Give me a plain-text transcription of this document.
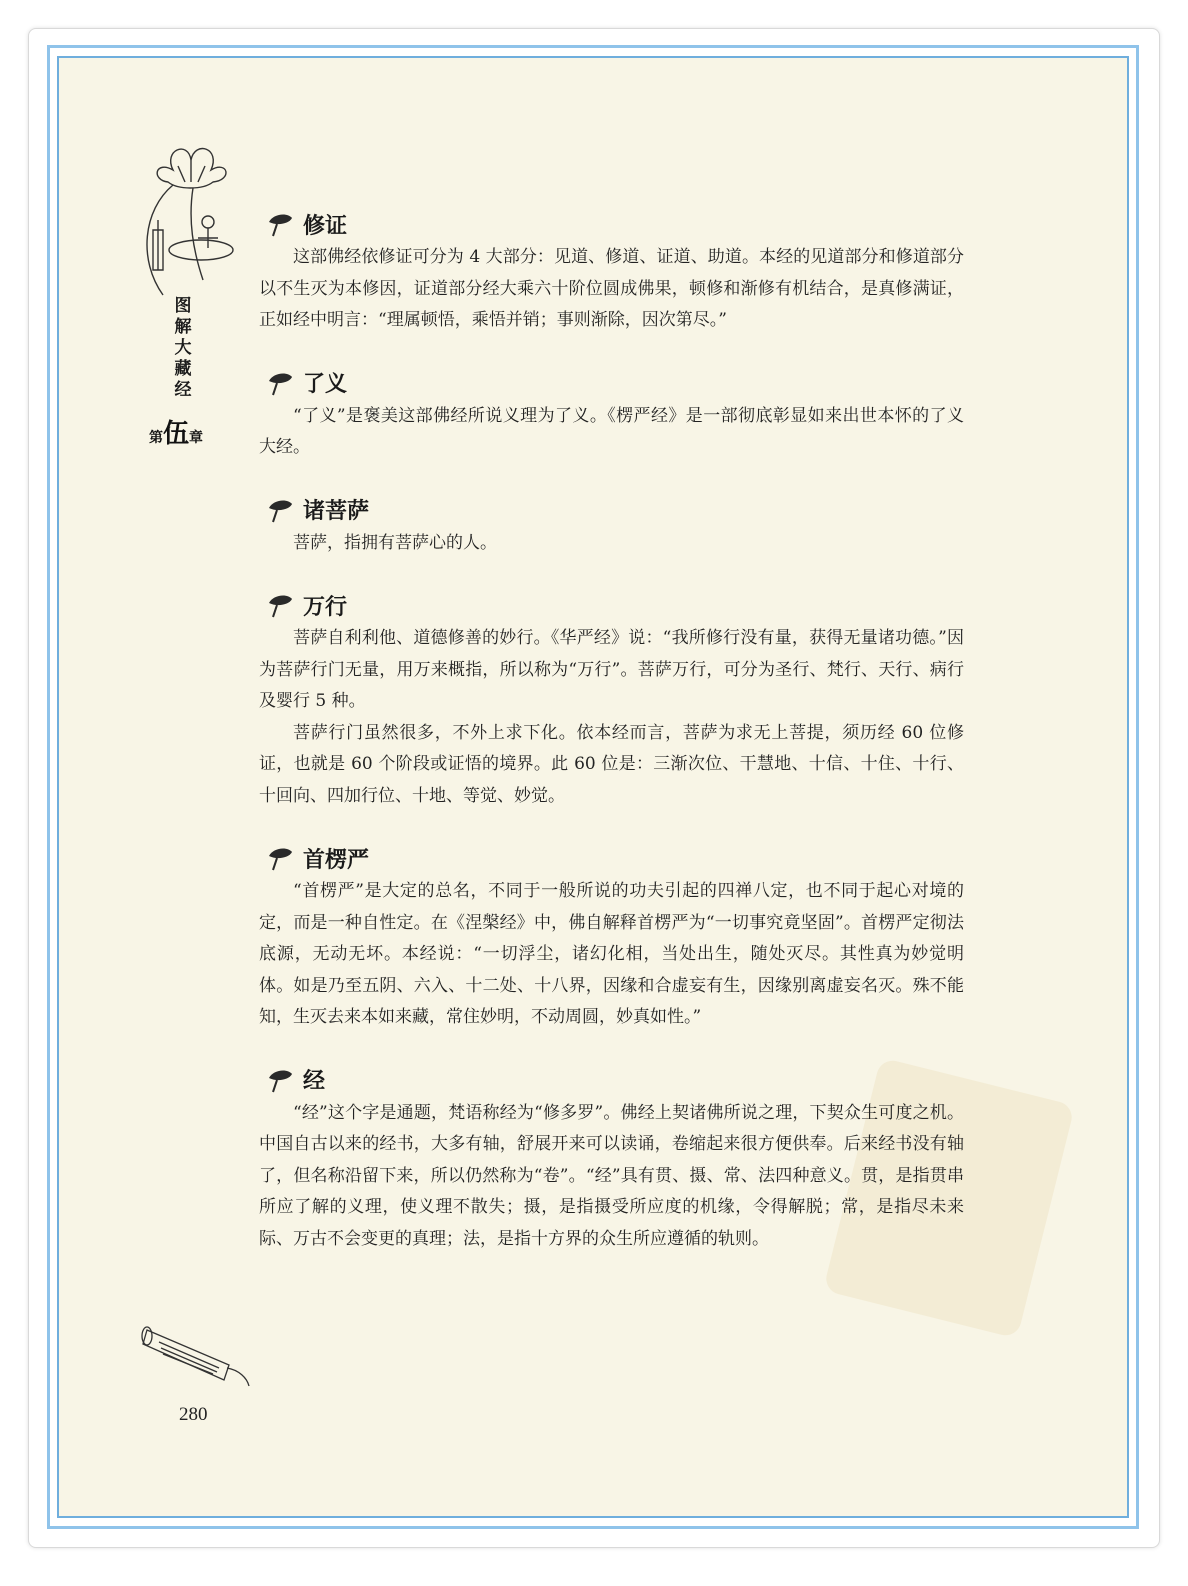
图
解
大
藏
经
第伍章
修证

这部佛经依修证可分为 4 大部分：见道、修道、证道、助道。本经的见道部分和修道部分以不生灭为本修因，证道部分经大乘六十阶位圆成佛果，顿修和渐修有机结合，是真修满证，正如经中明言：“理属顿悟，乘悟并销；事则渐除，因次第尽。”

了义

“了义”是褒美这部佛经所说义理为了义。《楞严经》是一部彻底彰显如来出世本怀的了义大经。

诸菩萨

菩萨，指拥有菩萨心的人。

万行

菩萨自利利他、道德修善的妙行。《华严经》说：“我所修行没有量，获得无量诸功德。”因为菩萨行门无量，用万来概指，所以称为“万行”。菩萨万行，可分为圣行、梵行、天行、病行及婴行 5 种。

菩萨行门虽然很多，不外上求下化。依本经而言，菩萨为求无上菩提，须历经 60 位修证，也就是 60 个阶段或证悟的境界。此 60 位是：三渐次位、干慧地、十信、十住、十行、十回向、四加行位、十地、等觉、妙觉。

首楞严

“首楞严”是大定的总名，不同于一般所说的功夫引起的四禅八定，也不同于起心对境的定，而是一种自性定。在《涅槃经》中，佛自解释首楞严为“一切事究竟坚固”。首楞严定彻法底源，无动无坏。本经说：“一切浮尘，诸幻化相，当处出生，随处灭尽。其性真为妙觉明体。如是乃至五阴、六入、十二处、十八界，因缘和合虚妄有生，因缘别离虚妄名灭。殊不能知，生灭去来本如来藏，常住妙明，不动周圆，妙真如性。”

经

“经”这个字是通题，梵语称经为“修多罗”。佛经上契诸佛所说之理，下契众生可度之机。中国自古以来的经书，大多有轴，舒展开来可以读诵，卷缩起来很方便供奉。后来经书没有轴了，但名称沿留下来，所以仍然称为“卷”。“经”具有贯、摄、常、法四种意义。贯，是指贯串所应了解的义理，使义理不散失；摄，是指摄受所应度的机缘，令得解脱；常，是指尽未来际、万古不会变更的真理；法，是指十方界的众生所应遵循的轨则。

280
